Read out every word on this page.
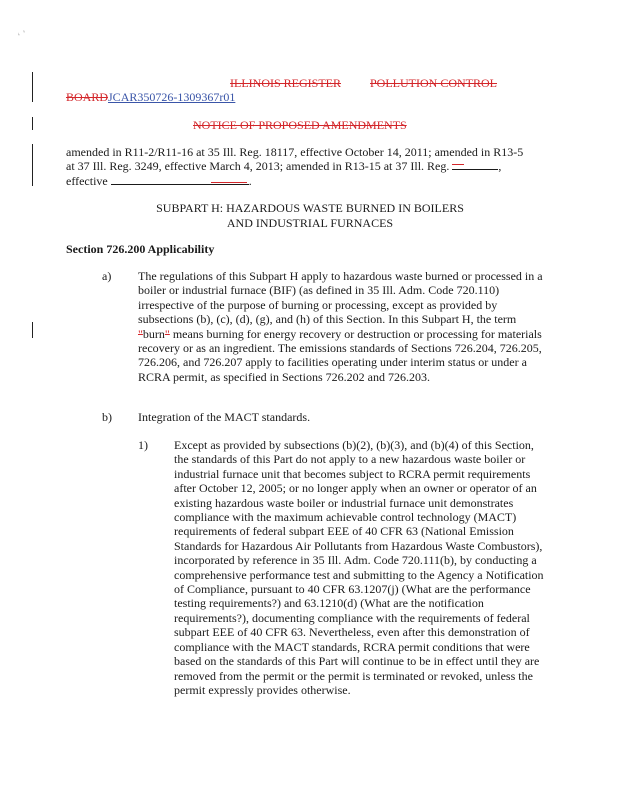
‘ ’
ILLINOIS REGISTER POLLUTION CONTROL
BOARDJCAR350726-1309367r01
NOTICE OF PROPOSED AMENDMENTS
amended in R11-2/R11-16 at 35 Ill. Reg. 18117, effective October 14, 2011; amended in R13-5
at 37 Ill. Reg. 3249, effective March 4, 2013; amended in R13-15 at 37 Ill. Reg.	,
effective	.
SUBPART H: HAZARDOUS WASTE BURNED IN BOILERS
AND INDUSTRIAL FURNACES
Section 726.200 Applicability
a) The regulations of this Subpart H apply to hazardous waste burned or processed in a boiler or industrial furnace (BIF) (as defined in 35 Ill. Adm. Code 720.110) irrespective of the purpose of burning or processing, except as provided by subsections (b), (c), (d), (g), and (h) of this Section. In this Subpart H, the term "burn" means burning for energy recovery or destruction or processing for materials recovery or as an ingredient. The emissions standards of Sections 726.204, 726.205, 726.206, and 726.207 apply to facilities operating under interim status or under a RCRA permit, as specified in Sections 726.202 and 726.203.
b) Integration of the MACT standards.
1) Except as provided by subsections (b)(2), (b)(3), and (b)(4) of this Section, the standards of this Part do not apply to a new hazardous waste boiler or industrial furnace unit that becomes subject to RCRA permit requirements after October 12, 2005; or no longer apply when an owner or operator of an existing hazardous waste boiler or industrial furnace unit demonstrates compliance with the maximum achievable control technology (MACT) requirements of federal subpart EEE of 40 CFR 63 (National Emission Standards for Hazardous Air Pollutants from Hazardous Waste Combustors), incorporated by reference in 35 Ill. Adm. Code 720.111(b), by conducting a comprehensive performance test and submitting to the Agency a Notification of Compliance, pursuant to 40 CFR 63.1207(j) (What are the performance testing requirements?) and 63.1210(d) (What are the notification requirements?), documenting compliance with the requirements of federal subpart EEE of 40 CFR 63. Nevertheless, even after this demonstration of compliance with the MACT standards, RCRA permit conditions that were based on the standards of this Part will continue to be in effect until they are removed from the permit or the permit is terminated or revoked, unless the permit expressly provides otherwise.
